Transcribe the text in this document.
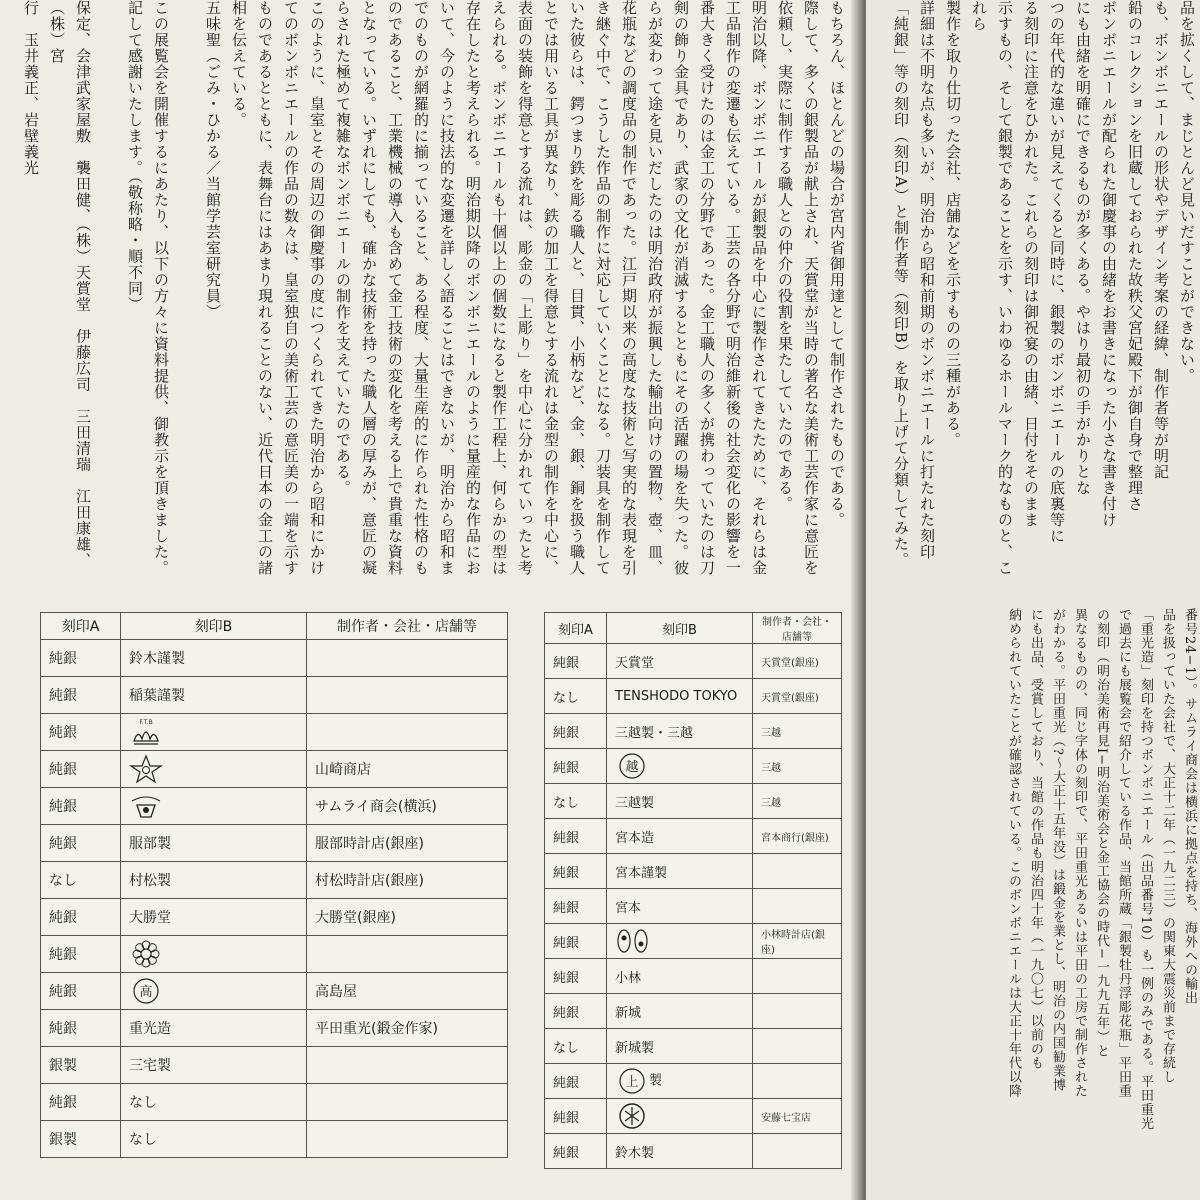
もちろん、ほとんどの場合が宮内省御用達として制作されたものである。
際して、多くの銀製品が献上され、天賞堂が当時の著名な美術工芸作家に意匠を依頼し、実際に制作する職人との仲介の役割を果たしていたのである。
明治以降、ボンボニエールが銀製品を中心に製作されてきたために、それらは金工品制作の変遷も伝えている。工芸の各分野で明治維新後の社会変化の影響を一番大きく受けたのは金工の分野であった。金工職人の多くが携わっていたのは刀剣の飾り金具であり、武家の文化が消滅するとともにその活躍の場を失った。彼らが変わって途を見いだしたのは明治政府が振興した輸出向けの置物、壺、皿、花瓶などの調度品の制作であった。江戸期以来の高度な技術と写実的な表現を引き継ぐ中で、こうした作品の制作に対応していくことになる。刀装具を制作していた彼らは、鍔つまり鉄を彫る職人と、目貫、小柄など、金、銀、銅を扱う職人とでは用いる工具が異なり、鉄の加工を得意とする流れは金型の制作を中心に、表面の装飾を得意とする流れは、彫金の「上彫り」を中心に分かれていったと考えられる。ボンボニエールも十個以上の個数になると製作工程上、何らかの型は存在したと考えられる。明治期以降のボンボニエールのように量産的な作品において、今のように技法的な変遷を詳しく語ることはできないが、明治から昭和までのものが網羅的に揃っていること、ある程度、大量生産的に作られた性格のものであること、工業機械の導入も含めて金工技術の変化を考える上で貴重な資料となっている。いずれにしても、確かな技術を持った職人層の厚みが、意匠の凝らされた極めて複雑なボンボニエールの制作を支えていたのである。
このように、皇室とその周辺の御慶事の度につくられてきた明治から昭和にかけてのボンボニエールの作品の数々は、皇室独自の美術工芸の意匠美の一端を示すものであるとともに、表舞台にはあまり現れることのない、近代日本の金工の諸相を伝えている。
五味聖（ごみ・ひかる／当館学芸室研究員）

この展覧会を開催するにあたり、以下の方々に資料提供、御教示を頂きました。記して感謝いたします。（敬称略・順不同）

保定、会津武家屋敷　襲田健、（株）天賞堂　伊藤広司　三田清瑞　江田康雄、（株）宮
行　玉井義正、岩壁義光
刻印A	刻印B	制作者・会社・店舗等
純銀	鈴木謹製	
純銀	稲葉謹製	
純銀	F.T.B	

純銀		山崎商店
純銀		サムライ商会(横浜)
純銀	服部製	服部時計店(銀座)
なし	村松製	村松時計店(銀座)
純銀	大勝堂	大勝堂(銀座)
純銀		
純銀	高	高島屋
純銀	重光造	平田重光(鍛金作家)
銀製	三宅製	
純銀	なし	
銀製	なし	
刻印A	刻印B	制作者・会社・店舗等
純銀	天賞堂	天賞堂(銀座)
なし	TENSHODO TOKYO	天賞堂(銀座)
純銀	三越製・三越	三越
純銀	越	三越
なし	三越製	三越
純銀	宮本造	宮本商行(銀座)
純銀	宮本謹製	
純銀	宮本	
純銀		小林時計店(銀座)
純銀	小林	
純銀	新城	
なし	新城製	
純銀	上 製	
純銀		安藤七宝店
純銀	鈴木製	
品を拡くして、まじとんど見いだすことができない。
も、ボンボニエールの形状やデザイン考案の経緯、制作者等が明記
鉛のコレクションを旧蔵しておられた故秩父宮妃殿下が御自身で整理さ
ボンボニエールが配られた御慶事の由緒をお書きになった小さな書き付け
にも由緒を明確にできるものが多くある。やはり最初の手がかりとな
つの年代的な違いが見えてくると同時に、銀製のボンボニエールの底裏等に
る刻印に注意をひかれた。これらの刻印は御祝宴の由緒、日付をそのまま
示すもの、そして銀製であることを示す、いわゆるホールマーク的なものと、これら
製作を取り仕切った会社、店舗などを示すものの三種がある。
詳細は不明な点も多いが、明治から昭和前期のボンボニエールに打たれた刻印
「純銀」等の刻印（刻印A）と制作者等（刻印B）を取り上げて分類してみた。
番号24−1）。サムライ商会は横浜に拠点を持ち、海外への輸出
品を扱っていた会社で、大正十二年（一九二三）の関東大震災前まで存続し
「重光造」刻印を持つボンボニエール（出品番号10）も一例のみである。平田重光
で過去にも展覧会で紹介している作品、当館所蔵「銀製牡丹浮彫花瓶」平田重
の刻印（明治美術再見I−明治美術会と金工協会の時代−一九九五年）と
異なるものの、同じ字体の刻印で、平田重光あるいは平田の工房で制作された
がわかる。平田重光（?〜大正十五年没）は鍛金を業とし、明治の内国勧業博
にも出品、受賞しており、当館の作品も明治四十年（一九〇七）以前のも
納められていたことが確認されている。このボンボニエールは大正十年代以降
